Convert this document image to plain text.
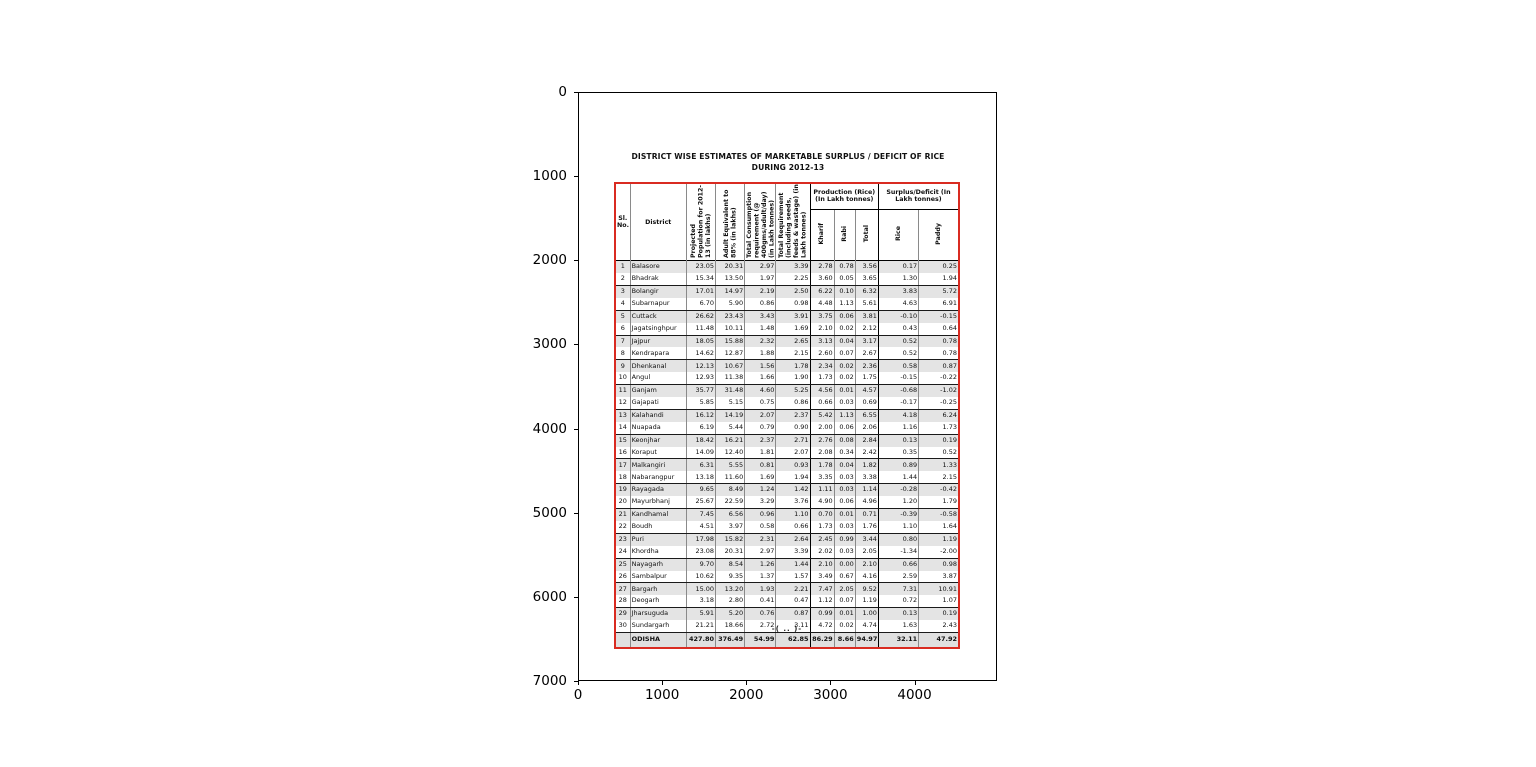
DISTRICT WISE ESTIMATES OF MARKETABLE SURPLUS / DEFICIT OF RICE
DURING 2012-13
Sl. No.	District	Projected Population for 2012-13 (in lakhs)	Adult Equivalent to 88% (in lakhs)	Total Consumption requirement (@ 400gms/adult/day) (in Lakh tonnes)	Total Requirement (including seeds, feeds & wastage) (in Lakh tonnes)	Production (Rice) (In Lakh tonnes)			Surplus/Deficit (In Lakh tonnes)	
						Kharif	Rabi	Total	Rice	Paddy
1	Balasore	23.05	20.31	2.97	3.39	2.78	0.78	3.56	0.17	0.25
2	Bhadrak	15.34	13.50	1.97	2.25	3.60	0.05	3.65	1.30	1.94
3	Bolangir	17.01	14.97	2.19	2.50	6.22	0.10	6.32	3.83	5.72
4	Subarnapur	6.70	5.90	0.86	0.98	4.48	1.13	5.61	4.63	6.91
5	Cuttack	26.62	23.43	3.43	3.91	3.75	0.06	3.81	-0.10	-0.15
6	Jagatsinghpur	11.48	10.11	1.48	1.69	2.10	0.02	2.12	0.43	0.64
7	Jajpur	18.05	15.88	2.32	2.65	3.13	0.04	3.17	0.52	0.78
8	Kendrapara	14.62	12.87	1.88	2.15	2.60	0.07	2.67	0.52	0.78
9	Dhenkanal	12.13	10.67	1.56	1.78	2.34	0.02	2.36	0.58	0.87
10	Angul	12.93	11.38	1.66	1.90	1.73	0.02	1.75	-0.15	-0.22
11	Ganjam	35.77	31.48	4.60	5.25	4.56	0.01	4.57	-0.68	-1.02
12	Gajapati	5.85	5.15	0.75	0.86	0.66	0.03	0.69	-0.17	-0.25
13	Kalahandi	16.12	14.19	2.07	2.37	5.42	1.13	6.55	4.18	6.24
14	Nuapada	6.19	5.44	0.79	0.90	2.00	0.06	2.06	1.16	1.73
15	Keonjhar	18.42	16.21	2.37	2.71	2.76	0.08	2.84	0.13	0.19
16	Koraput	14.09	12.40	1.81	2.07	2.08	0.34	2.42	0.35	0.52
17	Malkangiri	6.31	5.55	0.81	0.93	1.78	0.04	1.82	0.89	1.33
18	Nabarangpur	13.18	11.60	1.69	1.94	3.35	0.03	3.38	1.44	2.15
19	Rayagada	9.65	8.49	1.24	1.42	1.11	0.03	1.14	-0.28	-0.42
20	Mayurbhanj	25.67	22.59	3.29	3.76	4.90	0.06	4.96	1.20	1.79
21	Kandhamal	7.45	6.56	0.96	1.10	0.70	0.01	0.71	-0.39	-0.58
22	Boudh	4.51	3.97	0.58	0.66	1.73	0.03	1.76	1.10	1.64
23	Puri	17.98	15.82	2.31	2.64	2.45	0.99	3.44	0.80	1.19
24	Khordha	23.08	20.31	2.97	3.39	2.02	0.03	2.05	-1.34	-2.00
25	Nayagarh	9.70	8.54	1.26	1.44	2.10	0.00	2.10	0.66	0.98
26	Sambalpur	10.62	9.35	1.37	1.57	3.49	0.67	4.16	2.59	3.87
27	Bargarh	15.00	13.20	1.93	2.21	7.47	2.05	9.52	7.31	10.91
28	Deogarh	3.18	2.80	0.41	0.47	1.12	0.07	1.19	0.72	1.07
29	Jharsuguda	5.91	5.20	0.76	0.87	0.99	0.01	1.00	0.13	0.19
30	Sundargarh	21.21	18.66	2.72	3.11	4.72	0.02	4.74	1.63	2.43
	ODISHA	427.80	376.49	54.99	62.85	86.29	8.66	94.97	32.11	47.92
-( .. )-
0
1000
2000
3000
4000
5000
6000
7000
0	1000	2000	3000	4000
